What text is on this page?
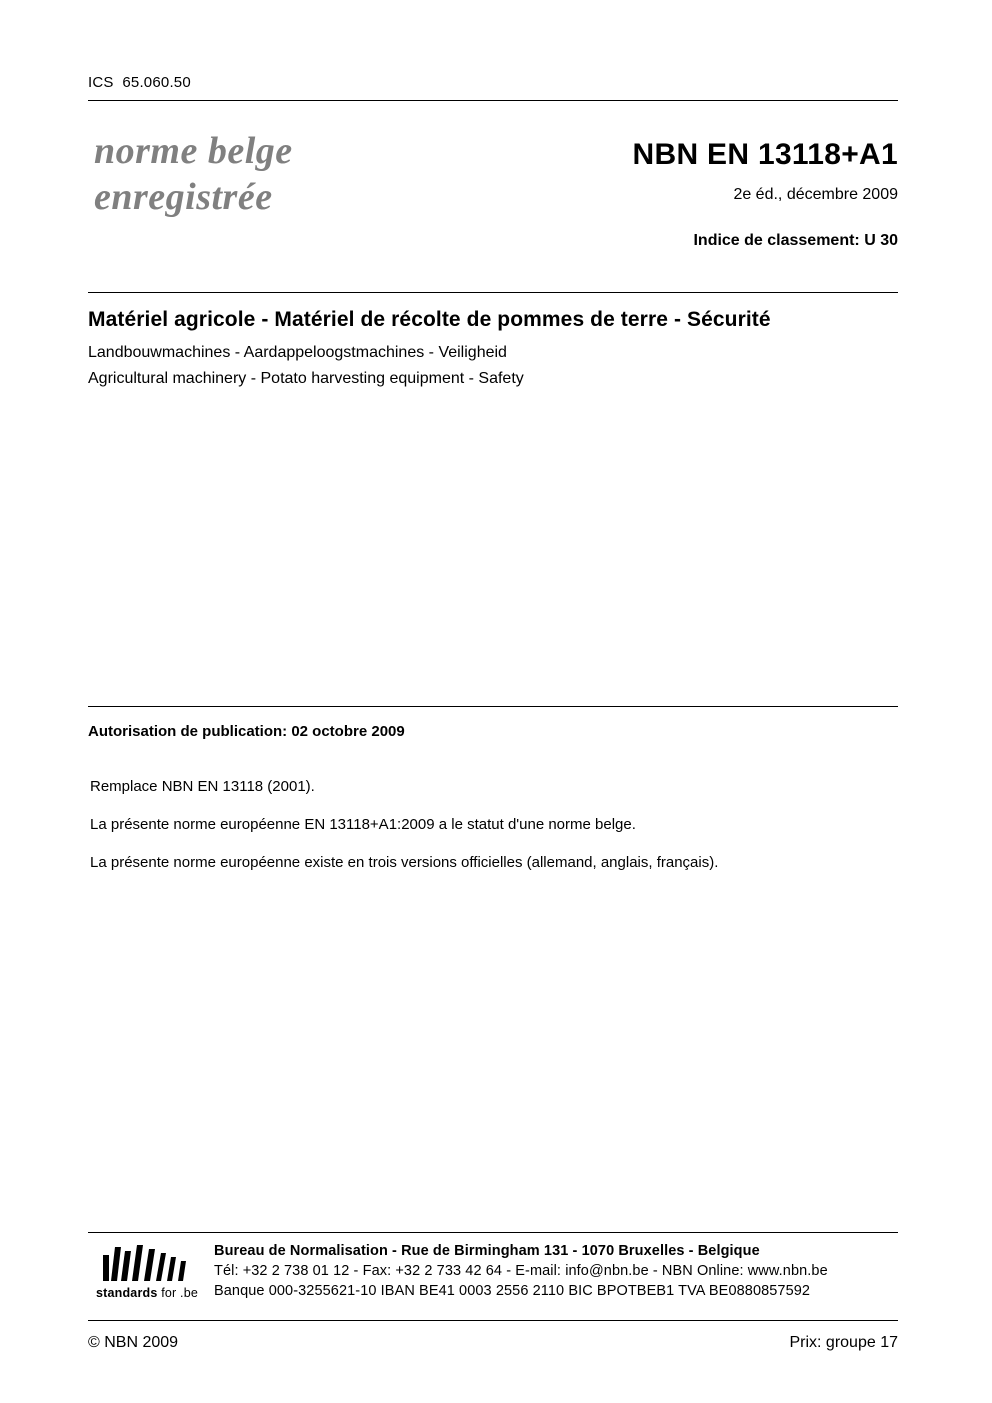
ICS 65.060.50
norme belge
enregistrée
NBN EN 13118+A1
2e éd., décembre 2009
Indice de classement: U 30
Matériel agricole - Matériel de récolte de pommes de terre - Sécurité
Landbouwmachines - Aardappeloogstmachines - Veiligheid
Agricultural machinery - Potato harvesting equipment - Safety
Autorisation de publication: 02 octobre 2009
Remplace NBN EN 13118 (2001).
La présente norme européenne EN 13118+A1:2009 a le statut d'une norme belge.
La présente norme européenne existe en trois versions officielles (allemand, anglais, français).
standards for .be
Bureau de Normalisation - Rue de Birmingham 131 - 1070 Bruxelles - Belgique
Tél: +32 2 738 01 12 - Fax: +32 2 733 42 64 - E-mail: info@nbn.be - NBN Online: www.nbn.be
Banque 000-3255621-10 IBAN BE41 0003 2556 2110 BIC BPOTBEB1 TVA BE0880857592
© NBN 2009	Prix: groupe 17
